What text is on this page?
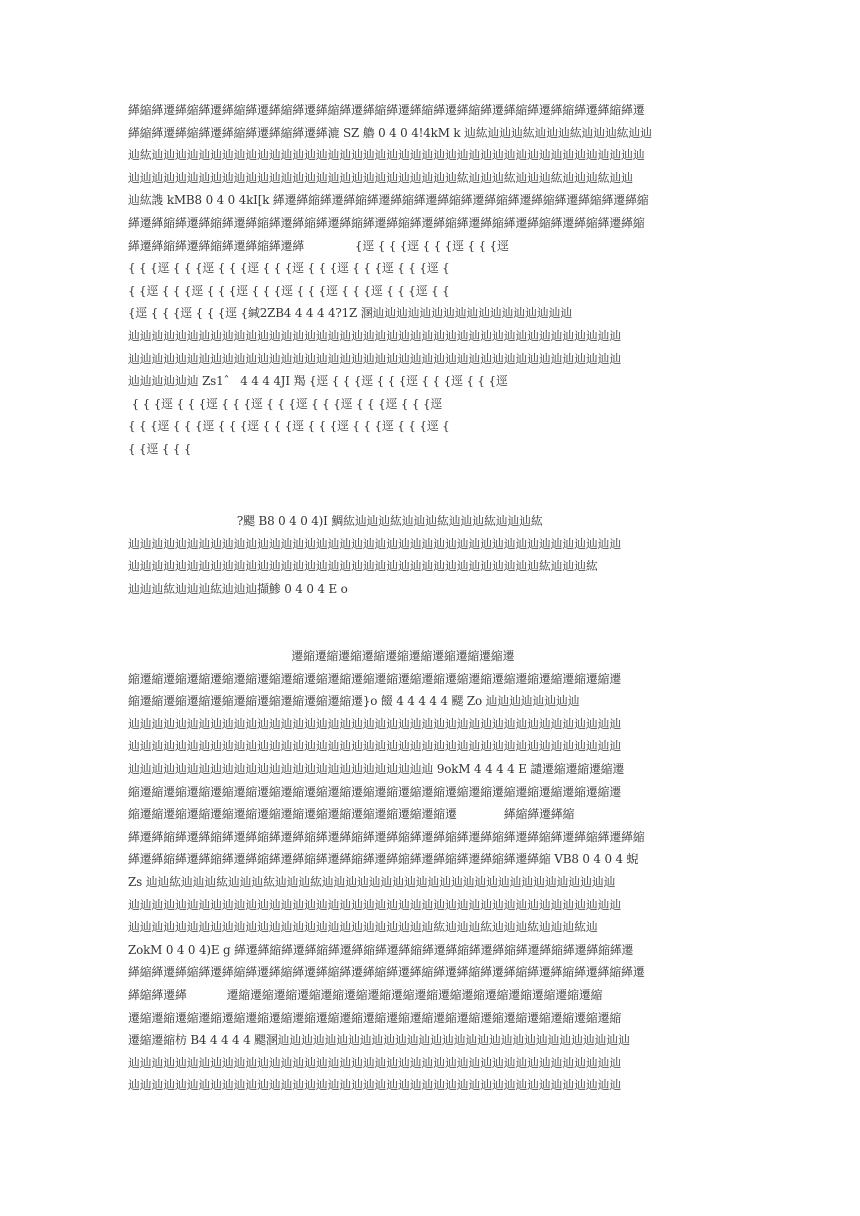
緙縮緙遷緙縮緙遷緙縮緙遷緙縮緙遷緙縮緙遷緙縮緙遷緙縮緙遷緙縮緙遷緙縮緙遷緙縮緙遷緙縮緙遷
緙縮緙遷緙縮緙遷緙縮緙遷緙縮緙遷緙漉 SZ 艪 0 4 0 4!4kM k 辿紘辿辿辿紘辿辿辿紘辿辿辿紘辿辿
辿紘辿辿辿辿辿辿辿辿辿辿辿辿辿辿辿辿辿辿辿辿辿辿辿辿辿辿辿辿辿辿辿辿辿辿辿辿辿辿辿辿辿辿
辿辿辿辿辿辿辿辿辿辿辿辿辿辿辿辿辿辿辿辿辿辿辿辿辿辿辿辿紘辿辿辿紘辿辿辿紘辿辿辿紘辿辿
辿紘謢 kMB8 0 4 0 4kI[k 緙遷緙縮緙遷緙縮緙遷緙縮緙遷緙縮緙遷緙縮緙遷緙縮緙遷緙縮緙遷緙縮
緙遷緙縮緙遷緙縮緙遷緙縮緙遷緙縮緙遷緙縮緙遷緙縮緙遷緙縮緙遷緙縮緙遷緙縮緙遷緙縮緙遷緙縮
緙遷緙縮緙遷緙縮緙遷緙縮緙遷緙              {逕 { { {逕 { { {逕 { { {逕
{ { {逕 { { {逕 { { {逕 { { {逕 { { {逕 { { {逕 { { {逕 {
{ {逕 { { {逕 { { {逕 { { {逕 { { {逕 { { {逕 { { {逕 { {
{逕 { { {逕 { { {逕 {緘2ZB4 4 4 4 4?1Z 溷辿辿辿辿辿辿辿辿辿辿辿辿辿辿辿辿辿
辿辿辿辿辿辿辿辿辿辿辿辿辿辿辿辿辿辿辿辿辿辿辿辿辿辿辿辿辿辿辿辿辿辿辿辿辿辿辿辿辿辿
辿辿辿辿辿辿辿辿辿辿辿辿辿辿辿辿辿辿辿辿辿辿辿辿辿辿辿辿辿辿辿辿辿辿辿辿辿辿辿辿辿辿
辿辿辿辿辿辿 Zs1ˆ   4 4 4 4JI 羯 {逕 { { {逕 { { {逕 { { {逕 { { {逕
{ { {逕 { { {逕 { { {逕 { { {逕 { { {逕 { { {逕 { { {逕
{ { {逕 { { {逕 { { {逕 { { {逕 { { {逕 { { {逕 { { {逕 {
{ {逕 { { {
?颸 B8 0 4 0 4)I 鯛紘辿辿辿紘辿辿辿紘辿辿辿紘辿辿辿紘
辿辿辿辿辿辿辿辿辿辿辿辿辿辿辿辿辿辿辿辿辿辿辿辿辿辿辿辿辿辿辿辿辿辿辿辿辿辿辿辿辿辿
辿辿辿辿辿辿辿辿辿辿辿辿辿辿辿辿辿辿辿辿辿辿辿辿辿辿辿辿辿辿辿辿辿辿辿紘辿辿辿紘
辿辿辿紘辿辿辿紘辿辿辿擷鯵 0 4 0 4 E o
遷縮遷縮遷縮遷縮遷縮遷縮遷縮遷縮遷縮遷
縮遷縮遷縮遷縮遷縮遷縮遷縮遷縮遷縮遷縮遷縮遷縮遷縮遷縮遷縮遷縮遷縮遷縮遷縮遷縮遷縮遷
縮遷縮遷縮遷縮遷縮遷縮遷縮遷縮遷縮遷縮遷}o 餟 4 4 4 4 4 颸 Zo 辿辿辿辿辿辿辿辿
辿辿辿辿辿辿辿辿辿辿辿辿辿辿辿辿辿辿辿辿辿辿辿辿辿辿辿辿辿辿辿辿辿辿辿辿辿辿辿辿辿辿
辿辿辿辿辿辿辿辿辿辿辿辿辿辿辿辿辿辿辿辿辿辿辿辿辿辿辿辿辿辿辿辿辿辿辿辿辿辿辿辿辿辿
辿辿辿辿辿辿辿辿辿辿辿辿辿辿辿辿辿辿辿辿辿辿辿辿辿辿 9okM 4 4 4 4 E 譴遷縮遷縮遷縮遷
縮遷縮遷縮遷縮遷縮遷縮遷縮遷縮遷縮遷縮遷縮遷縮遷縮遷縮遷縮遷縮遷縮遷縮遷縮遷縮遷縮遷
縮遷縮遷縮遷縮遷縮遷縮遷縮遷縮遷縮遷縮遷縮遷縮遷縮遷縮遷             緙縮緙遷緙縮
緙遷緙縮緙遷緙縮緙遷緙縮緙遷緙縮緙遷緙縮緙遷緙縮緙遷緙縮緙遷緙縮緙遷緙縮緙遷緙縮緙遷緙縮
緙遷緙縮緙遷緙縮緙遷緙縮緙遷緙縮緙遷緙縮緙遷緙縮緙遷緙縮緙遷緙縮緙遷緙縮 VB8 0 4 0 4 蜺
Zs 辿辿紘辿辿辿紘辿辿辿紘辿辿辿紘辿辿辿辿辿辿辿辿辿辿辿辿辿辿辿辿辿辿辿辿辿辿辿辿辿
辿辿辿辿辿辿辿辿辿辿辿辿辿辿辿辿辿辿辿辿辿辿辿辿辿辿辿辿辿辿辿辿辿辿辿辿辿辿辿辿辿辿
辿辿辿辿辿辿辿辿辿辿辿辿辿辿辿辿辿辿辿辿辿辿辿辿辿辿紘辿辿辿紘辿辿辿紘辿辿辿紘辿
ZokM 0 4 0 4)E g 緙遷緙縮緙遷緙縮緙遷緙縮緙遷緙縮緙遷緙縮緙遷緙縮緙遷緙縮緙遷緙縮緙遷
緙縮緙遷緙縮緙遷緙縮緙遷緙縮緙遷緙縮緙遷緙縮緙遷緙縮緙遷緙縮緙遷緙縮緙遷緙縮緙遷緙縮緙遷
緙縮緙遷緙           遷縮遷縮遷縮遷縮遷縮遷縮遷縮遷縮遷縮遷縮遷縮遷縮遷縮遷縮遷縮遷縮
遷縮遷縮遷縮遷縮遷縮遷縮遷縮遷縮遷縮遷縮遷縮遷縮遷縮遷縮遷縮遷縮遷縮遷縮遷縮遷縮遷縮
遷縮遷縮枋 B4 4 4 4 4 颸溷辿辿辿辿辿辿辿辿辿辿辿辿辿辿辿辿辿辿辿辿辿辿辿辿辿辿辿辿辿辿
辿辿辿辿辿辿辿辿辿辿辿辿辿辿辿辿辿辿辿辿辿辿辿辿辿辿辿辿辿辿辿辿辿辿辿辿辿辿辿辿辿辿
辿辿辿辿辿辿辿辿辿辿辿辿辿辿辿辿辿辿辿辿辿辿辿辿辿辿辿辿辿辿辿辿辿辿辿辿辿辿辿辿辿辿
